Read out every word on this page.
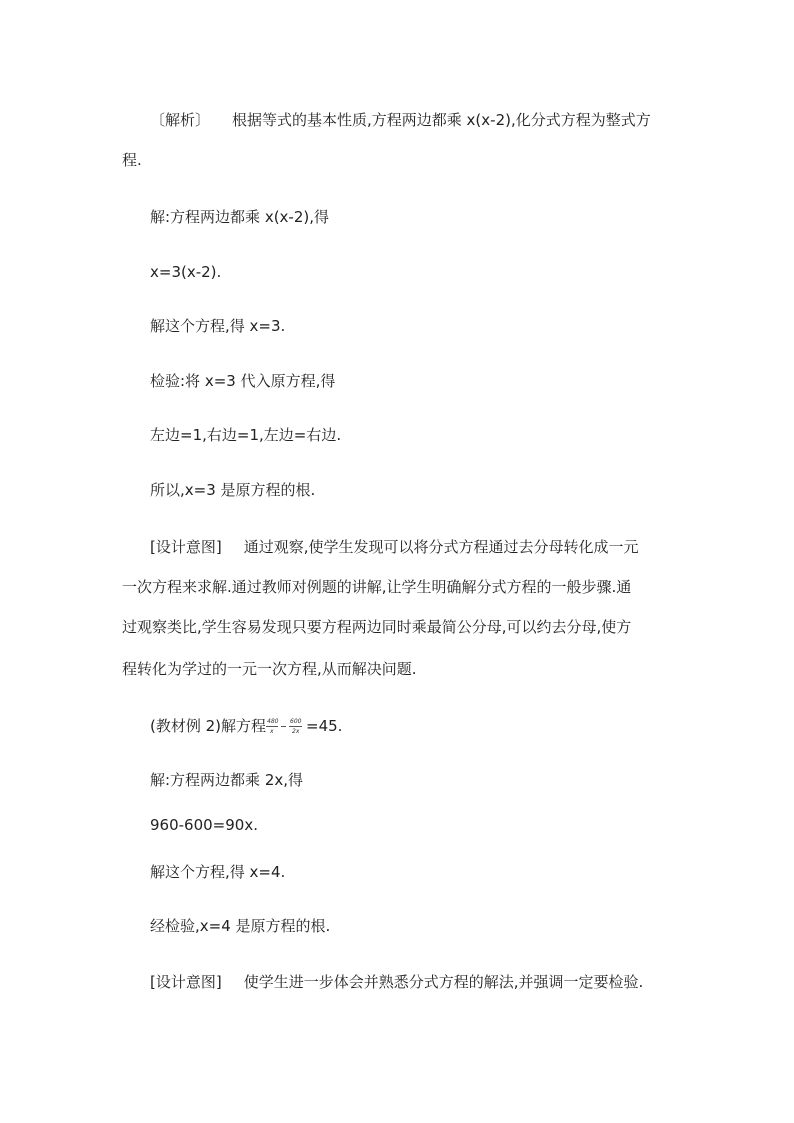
〔解析〕 根据等式的基本性质,方程两边都乘 x(x-2),化分式方程为整式方
程.
解:方程两边都乘 x(x-2),得
x=3(x-2).
解这个方程,得 x=3.
检验:将 x=3 代入原方程,得
左边=1,右边=1,左边=右边.
所以,x=3 是原方程的根.
[设计意图] 通过观察,使学生发现可以将分式方程通过去分母转化成一元
一次方程来求解.通过教师对例题的讲解,让学生明确解分式方程的一般步骤.通
过观察类比,学生容易发现只要方程两边同时乘最简公分母,可以约去分母,使方
程转化为学过的一元一次方程,从而解决问题.
(教材例 2)解方程 480
x
600
2x =45.
解:方程两边都乘 2x,得
960-600=90x.
解这个方程,得 x=4.
经检验,x=4 是原方程的根.
[设计意图] 使学生进一步体会并熟悉分式方程的解法,并强调一定要检验.
